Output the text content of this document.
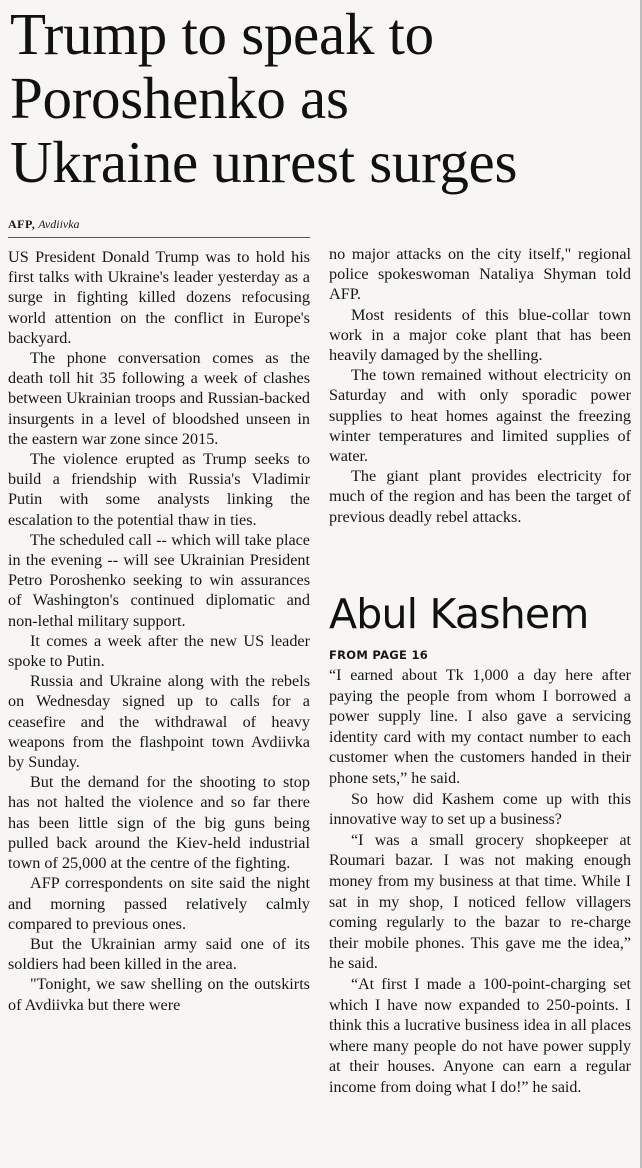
Trump to speak to
Poroshenko as
Ukraine unrest surges
AFP, Avdiivka

US President Donald Trump was to hold his first talks with Ukraine's leader yesterday as a surge in fighting killed dozens refocusing world attention on the conflict in Europe's backyard.

The phone conversation comes as the death toll hit 35 following a week of clashes between Ukrainian troops and Russian-backed insurgents in a level of bloodshed unseen in the eastern war zone since 2015.

The violence erupted as Trump seeks to build a friendship with Russia's Vladimir Putin with some analysts linking the escalation to the potential thaw in ties.

The scheduled call -- which will take place in the evening -- will see Ukrainian President Petro Poroshenko seeking to win assurances of Washington's continued diplomatic and non-lethal military support.

It comes a week after the new US leader spoke to Putin.

Russia and Ukraine along with the rebels on Wednesday signed up to calls for a ceasefire and the withdrawal of heavy weapons from the flashpoint town Avdiivka by Sunday.

But the demand for the shooting to stop has not halted the violence and so far there has been little sign of the big guns being pulled back around the Kiev-held industrial town of 25,000 at the centre of the fighting.

AFP correspondents on site said the night and morning passed relatively calmly compared to previous ones.

But the Ukrainian army said one of its soldiers had been killed in the area.

"Tonight, we saw shelling on the outskirts of Avdiivka but there were

no major attacks on the city itself," regional police spokeswoman Nataliya Shyman told AFP.

Most residents of this blue-collar town work in a major coke plant that has been heavily damaged by the shelling.

The town remained without electricity on Saturday and with only sporadic power supplies to heat homes against the freezing winter temperatures and limited supplies of water.

The giant plant provides electricity for much of the region and has been the target of previous deadly rebel attacks.

Abul Kashem
FROM PAGE 16

“I earned about Tk 1,000 a day here after paying the people from whom I borrowed a power supply line. I also gave a servicing identity card with my contact number to each customer when the customers handed in their phone sets,” he said.

So how did Kashem come up with this innovative way to set up a business?

“I was a small grocery shopkeeper at Roumari bazar. I was not making enough money from my business at that time. While I sat in my shop, I noticed fellow villagers coming regularly to the bazar to re-charge their mobile phones. This gave me the idea,” he said.

“At first I made a 100-point-charging set which I have now expanded to 250-points. I think this a lucrative business idea in all places where many people do not have power supply at their houses. Anyone can earn a regular income from doing what I do!” he said.
